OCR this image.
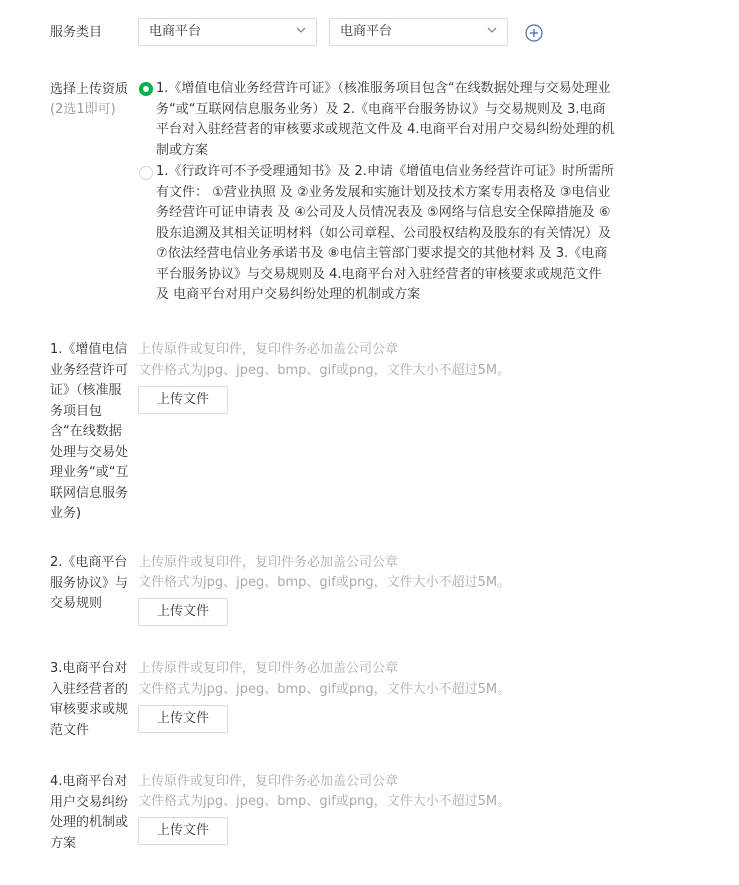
服务类目	电商平台	电商平台
选择上传资质
(2选1即可)
1.《增值电信业务经营许可证》（核准服务项目包含“在线数据处理与交易处理业务“或“互联网信息服务业务）及 2.《电商平台服务协议》与交易规则及 3.电商平台对入驻经营者的审核要求或规范文件及 4.电商平台对用户交易纠纷处理的机制或方案
1.《行政许可不予受理通知书》及 2.申请《增值电信业务经营许可证》时所需所有文件： ①营业执照 及 ②业务发展和实施计划及技术方案专用表格及 ③电信业务经营许可证申请表 及 ④公司及人员情况表及 ⑤网络与信息安全保障措施及 ⑥股东追溯及其相关证明材料（如公司章程、公司股权结构及股东的有关情况）及 ⑦依法经营电信业务承诺书及 ⑧电信主管部门要求提交的其他材料 及 3.《电商平台服务协议》与交易规则及 4.电商平台对入驻经营者的审核要求或规范文件 及 电商平台对用户交易纠纷处理的机制或方案
1.《增值电信业务经营许可证》（核准服务项目包含“在线数据处理与交易处理业务“或“互联网信息服务业务)
上传原件或复印件，复印件务必加盖公司公章
文件格式为jpg、jpeg、bmp、gif或png，文件大小不超过5M。
上传文件
2.《电商平台服务协议》与交易规则
上传原件或复印件，复印件务必加盖公司公章
文件格式为jpg、jpeg、bmp、gif或png，文件大小不超过5M。
上传文件
3.电商平台对入驻经营者的审核要求或规范文件
上传原件或复印件，复印件务必加盖公司公章
文件格式为jpg、jpeg、bmp、gif或png，文件大小不超过5M。
上传文件
4.电商平台对用户交易纠纷处理的机制或方案
上传原件或复印件，复印件务必加盖公司公章
文件格式为jpg、jpeg、bmp、gif或png，文件大小不超过5M。
上传文件
